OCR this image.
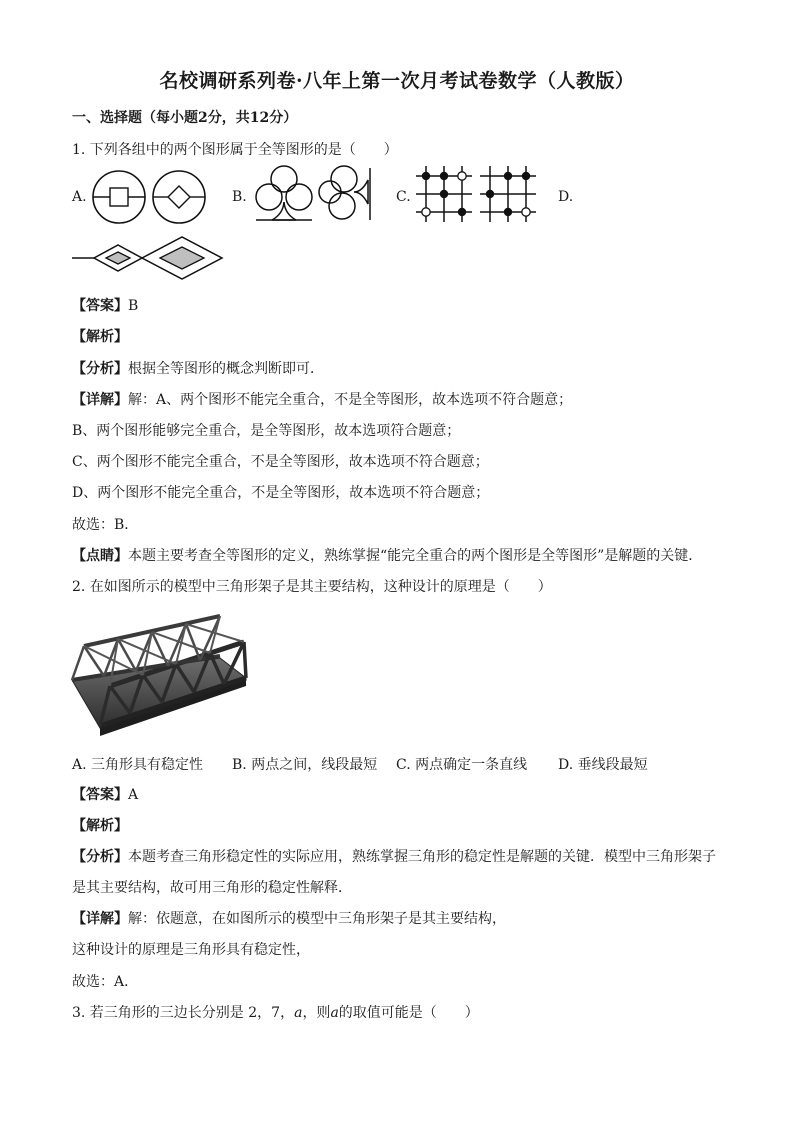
名校调研系列卷·八年上第一次月考试卷数学（人教版）
一、选择题（每小题2分，共12分）
1. 下列各组中的两个图形属于全等图形的是（　　）
A.	B.	C.	D.
【答案】B
【解析】
【分析】根据全等图形的概念判断即可．
【详解】解：A、两个图形不能完全重合，不是全等图形，故本选项不符合题意；
B、两个图形能够完全重合，是全等图形，故本选项符合题意；
C、两个图形不能完全重合，不是全等图形，故本选项不符合题意；
D、两个图形不能完全重合，不是全等图形，故本选项不符合题意；
故选：B．
【点睛】本题主要考查全等图形的定义，熟练掌握“能完全重合的两个图形是全等图形”是解题的关键．
2. 在如图所示的模型中三角形架子是其主要结构，这种设计的原理是（　　）
A. 三角形具有稳定性 B. 两点之间，线段最短 C. 两点确定一条直线 D. 垂线段最短
【答案】A
【解析】
【分析】本题考查三角形稳定性的实际应用，熟练掌握三角形的稳定性是解题的关键．模型中三角形架子
是其主要结构，故可用三角形的稳定性解释．
【详解】解：依题意，在如图所示的模型中三角形架子是其主要结构，
这种设计的原理是三角形具有稳定性，
故选：A．
3. 若三角形的三边长分别是 2，7，a，则a的取值可能是（　　）
